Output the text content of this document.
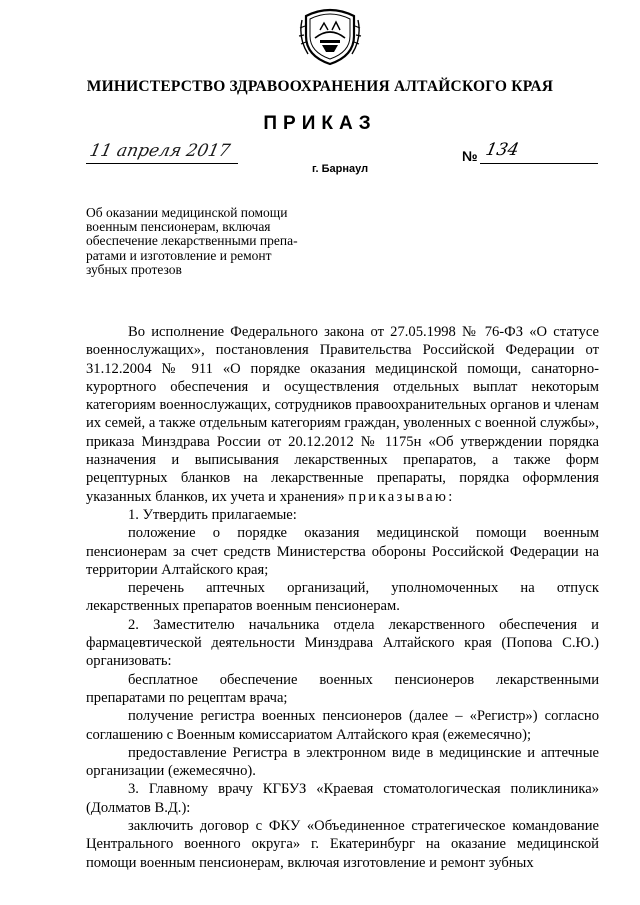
МИНИСТЕРСТВО ЗДРАВООХРАНЕНИЯ АЛТАЙСКОГО КРАЯ
ПРИКАЗ
11 апреля 2017
г. Барнаул
№ 134
Об оказании медицинской помощи
военным пенсионерам, включая
обеспечение лекарственными препа-
ратами и изготовление и ремонт
зубных протезов

Во исполнение Федерального закона от 27.05.1998 № 76-ФЗ «О статусе военнослужащих», постановления Правительства Российской Федерации от 31.12.2004 № 911 «О порядке оказания медицинской помощи, санаторно-курортного обеспечения и осуществления отдельных выплат некоторым категориям военнослужащих, сотрудников правоохранительных органов и членам их семей, а также отдельным категориям граждан, уволенных с военной службы», приказа Минздрава России от 20.12.2012 № 1175н «Об утверждении порядка назначения и выписывания лекарственных препаратов, а также форм рецептурных бланков на лекарственные препараты, порядка оформления указанных бланков, их учета и хранения» приказываю:

1. Утвердить прилагаемые:

положение о порядке оказания медицинской помощи военным пенсионерам за счет средств Министерства обороны Российской Федерации на территории Алтайского края;

перечень аптечных организаций, уполномоченных на отпуск лекарственных препаратов военным пенсионерам.

2. Заместителю начальника отдела лекарственного обеспечения и фармацевтической деятельности Минздрава Алтайского края (Попова С.Ю.) организовать:

бесплатное обеспечение военных пенсионеров лекарственными препаратами по рецептам врача;

получение регистра военных пенсионеров (далее – «Регистр») согласно соглашению с Военным комиссариатом Алтайского края (ежемесячно);

предоставление Регистра в электронном виде в медицинские и аптечные организации (ежемесячно).

3. Главному врачу КГБУЗ «Краевая стоматологическая поликлиника» (Долматов В.Д.):

заключить договор с ФКУ «Объединенное стратегическое командование Центрального военного округа» г. Екатеринбург на оказание медицинской помощи военным пенсионерам, включая изготовление и ремонт зубных
